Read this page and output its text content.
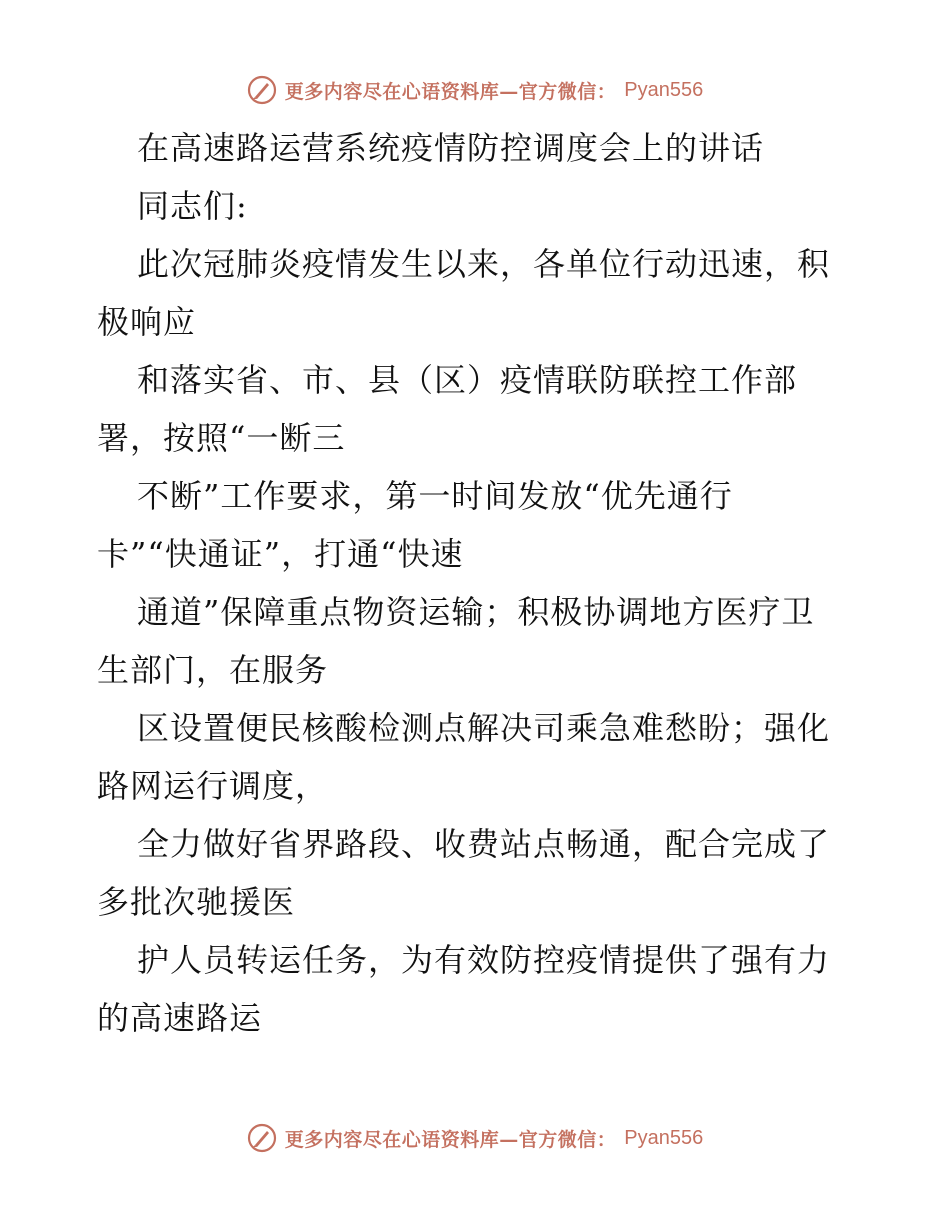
更多内容尽在心语资料库—官方微信： Pyan556
在高速路运营系统疫情防控调度会上的讲话
同志们:
此次冠肺炎疫情发生以来，各单位行动迅速，积
极响应
和落实省、市、县（区）疫情联防联控工作部
署，按照“一断三
不断”工作要求，第一时间发放“优先通行
卡”“快通证”，打通“快速
通道”保障重点物资运输；积极协调地方医疗卫
生部门，在服务
区设置便民核酸检测点解决司乘急难愁盼；强化
路网运行调度，
全力做好省界路段、收费站点畅通，配合完成了
多批次驰援医
护人员转运任务，为有效防控疫情提供了强有力
的高速路运
更多内容尽在心语资料库—官方微信： Pyan556
